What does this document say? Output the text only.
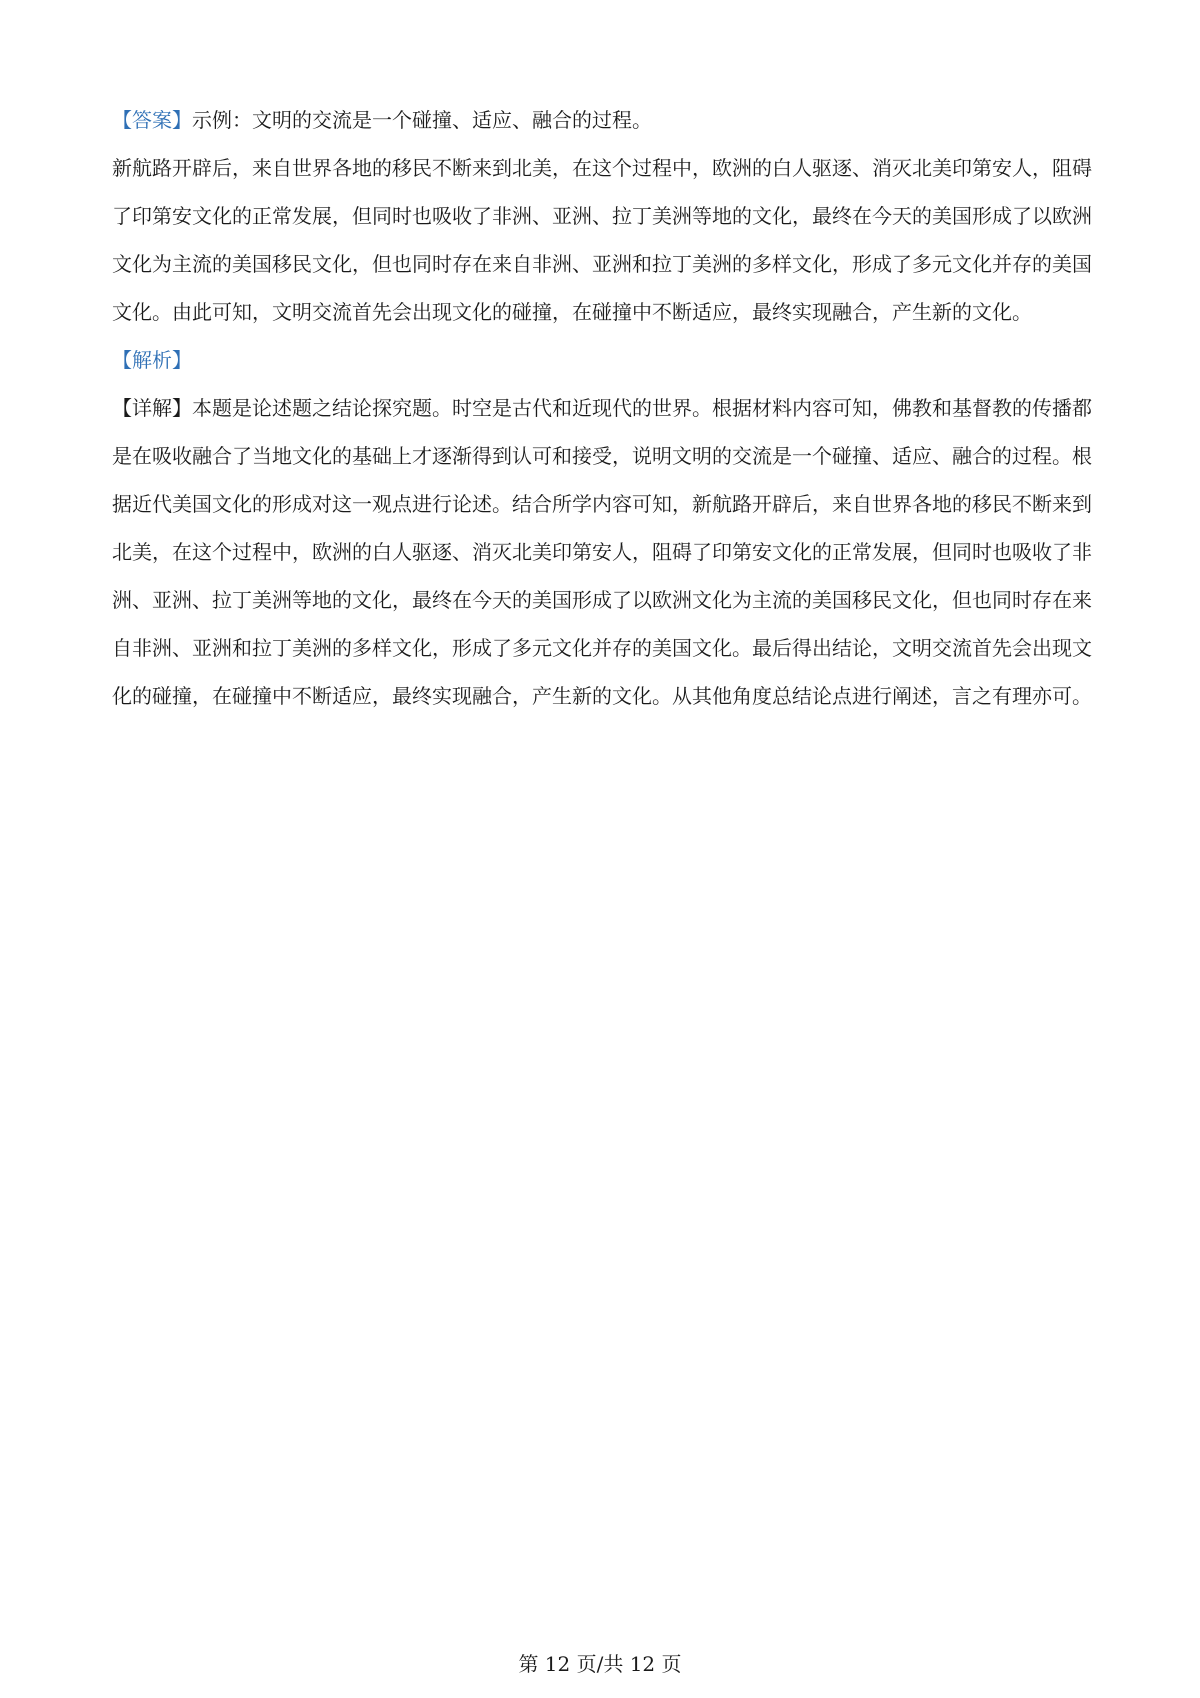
【答案】示例：文明的交流是一个碰撞、适应、融合的过程。

新航路开辟后，来自世界各地的移民不断来到北美，在这个过程中，欧洲的白人驱逐、消灭北美印第安人，阻碍了印第安文化的正常发展，但同时也吸收了非洲、亚洲、拉丁美洲等地的文化，最终在今天的美国形成了以欧洲文化为主流的美国移民文化，但也同时存在来自非洲、亚洲和拉丁美洲的多样文化，形成了多元文化并存的美国文化。由此可知，文明交流首先会出现文化的碰撞，在碰撞中不断适应，最终实现融合，产生新的文化。

【解析】

【详解】本题是论述题之结论探究题。时空是古代和近现代的世界。根据材料内容可知，佛教和基督教的传播都是在吸收融合了当地文化的基础上才逐渐得到认可和接受，说明文明的交流是一个碰撞、适应、融合的过程。根据近代美国文化的形成对这一观点进行论述。结合所学内容可知，新航路开辟后，来自世界各地的移民不断来到北美，在这个过程中，欧洲的白人驱逐、消灭北美印第安人，阻碍了印第安文化的正常发展，但同时也吸收了非洲、亚洲、拉丁美洲等地的文化，最终在今天的美国形成了以欧洲文化为主流的美国移民文化，但也同时存在来自非洲、亚洲和拉丁美洲的多样文化，形成了多元文化并存的美国文化。最后得出结论，文明交流首先会出现文化的碰撞，在碰撞中不断适应，最终实现融合，产生新的文化。从其他角度总结论点进行阐述，言之有理亦可。

第 12 页/共 12 页
